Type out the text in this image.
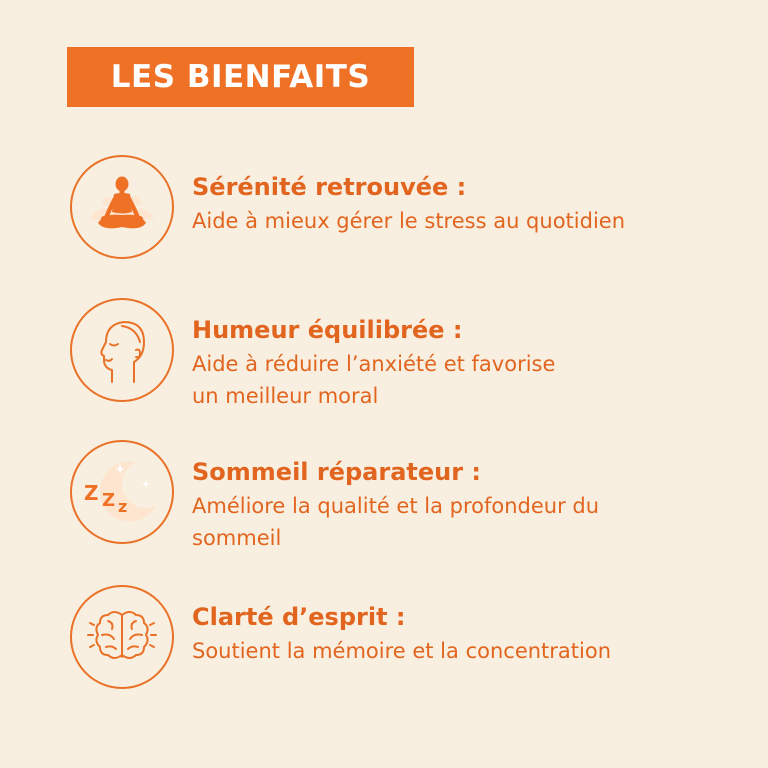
LES BIENFAITS
Sérénité retrouvée :
Aide à mieux gérer le stress au quotidien
Humeur équilibrée :
Aide à réduire l’anxiété et favorise
un meilleur moral
Z Z z
Sommeil réparateur :
Améliore la qualité et la profondeur du
sommeil
Clarté d’esprit :
Soutient la mémoire et la concentration
